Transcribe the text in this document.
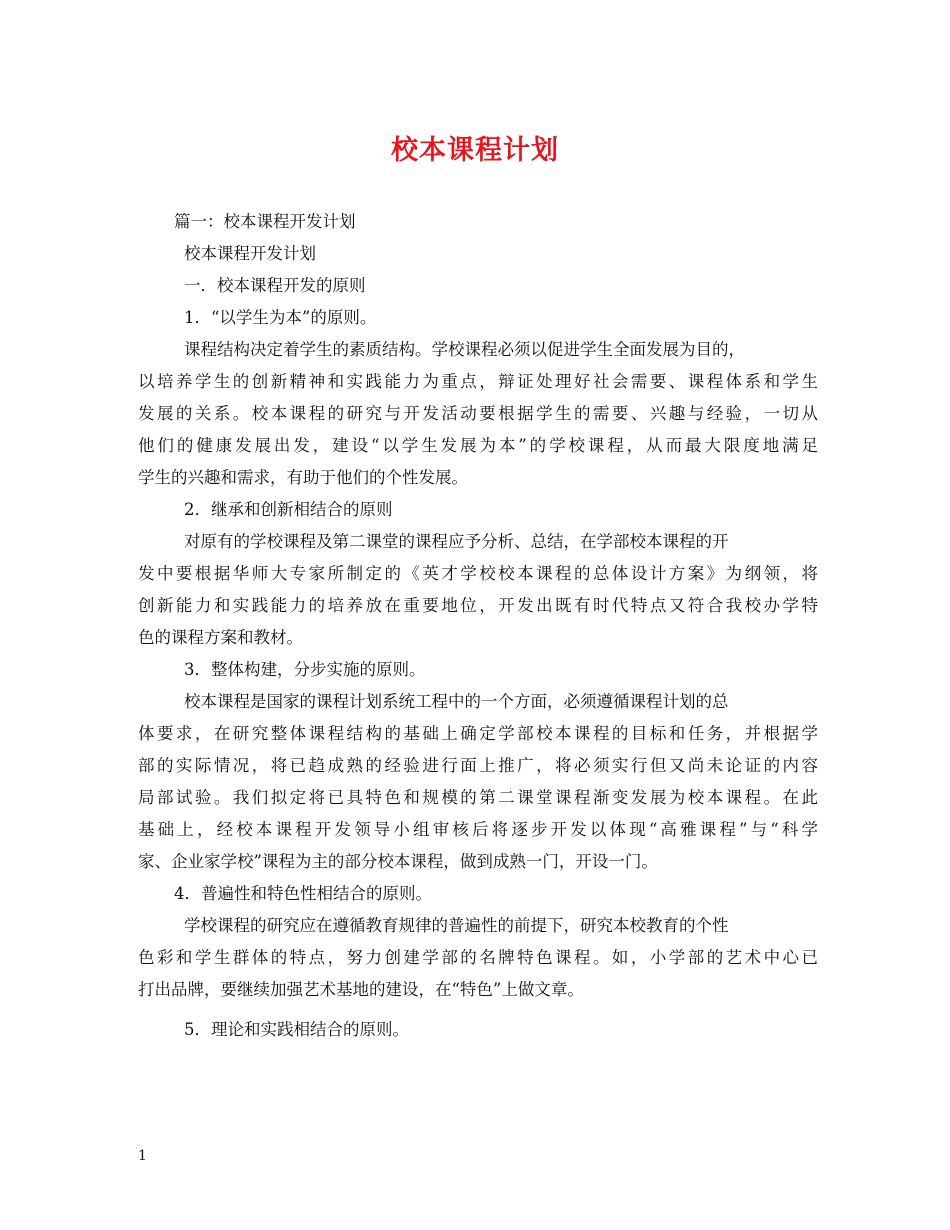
校本课程计划
篇一：校本课程开发计划
校本课程开发计划
一．校本课程开发的原则
1．“以学生为本”的原则。
课程结构决定着学生的素质结构。学校课程必须以促进学生全面发展为目的，
以培养学生的创新精神和实践能力为重点，辩证处理好社会需要、课程体系和学生
发展的关系。校本课程的研究与开发活动要根据学生的需要、兴趣与经验，一切从
他们的健康发展出发，建设“以学生发展为本”的学校课程，从而最大限度地满足
学生的兴趣和需求，有助于他们的个性发展。
2．继承和创新相结合的原则
对原有的学校课程及第二课堂的课程应予分析、总结，在学部校本课程的开
发中要根据华师大专家所制定的《英才学校校本课程的总体设计方案》为纲领，将
创新能力和实践能力的培养放在重要地位，开发出既有时代特点又符合我校办学特
色的课程方案和教材。
3．整体构建，分步实施的原则。
校本课程是国家的课程计划系统工程中的一个方面，必须遵循课程计划的总
体要求，在研究整体课程结构的基础上确定学部校本课程的目标和任务，并根据学
部的实际情况，将已趋成熟的经验进行面上推广，将必须实行但又尚未论证的内容
局部试验。我们拟定将已具特色和规模的第二课堂课程渐变发展为校本课程。在此
基础上，经校本课程开发领导小组审核后将逐步开发以体现“高雅课程”与“科学
家、企业家学校”课程为主的部分校本课程，做到成熟一门，开设一门。
4．普遍性和特色性相结合的原则。
学校课程的研究应在遵循教育规律的普遍性的前提下，研究本校教育的个性
色彩和学生群体的特点，努力创建学部的名牌特色课程。如，小学部的艺术中心已
打出品牌，要继续加强艺术基地的建设，在“特色”上做文章。
5．理论和实践相结合的原则。
1
